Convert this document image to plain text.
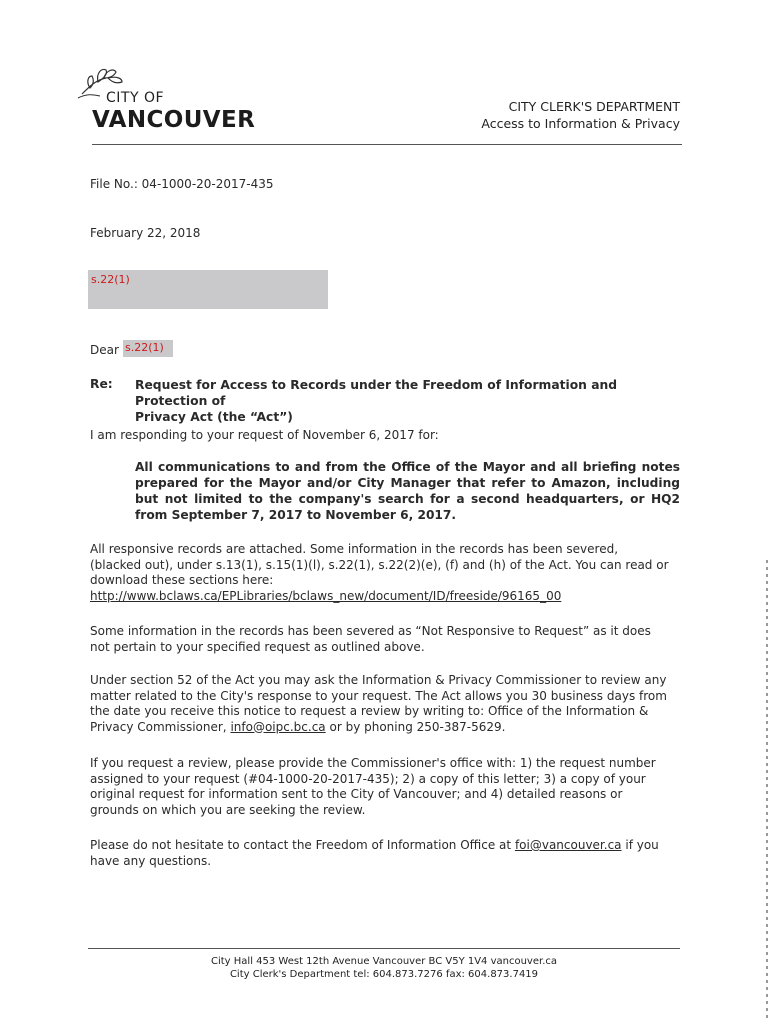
CITY OF
VANCOUVER
CITY CLERK'S DEPARTMENT
Access to Information & Privacy
File No.: 04-1000-20-2017-435
February 22, 2018
s.22(1)
Dear s.22(1)
Re: Request for Access to Records under the Freedom of Information and Protection of
Privacy Act (the “Act”)
I am responding to your request of November 6, 2017 for:
All communications to and from the Office of the Mayor and all briefing notes prepared for the Mayor and/or City Manager that refer to Amazon, including but not limited to the company's search for a second headquarters, or HQ2 from September 7, 2017 to November 6, 2017.
All responsive records are attached. Some information in the records has been severed, (blacked out), under s.13(1), s.15(1)(l), s.22(1), s.22(2)(e), (f) and (h) of the Act. You can read or download these sections here:
http://www.bclaws.ca/EPLibraries/bclaws_new/document/ID/freeside/96165_00
Some information in the records has been severed as “Not Responsive to Request” as it does not pertain to your specified request as outlined above.
Under section 52 of the Act you may ask the Information & Privacy Commissioner to review any matter related to the City's response to your request. The Act allows you 30 business days from the date you receive this notice to request a review by writing to: Office of the Information & Privacy Commissioner, info@oipc.bc.ca or by phoning 250-387-5629.
If you request a review, please provide the Commissioner's office with: 1) the request number assigned to your request (#04-1000-20-2017-435); 2) a copy of this letter; 3) a copy of your original request for information sent to the City of Vancouver; and 4) detailed reasons or grounds on which you are seeking the review.
Please do not hesitate to contact the Freedom of Information Office at foi@vancouver.ca if you have any questions.
City Hall 453 West 12th Avenue Vancouver BC V5Y 1V4 vancouver.ca
City Clerk's Department tel: 604.873.7276 fax: 604.873.7419
